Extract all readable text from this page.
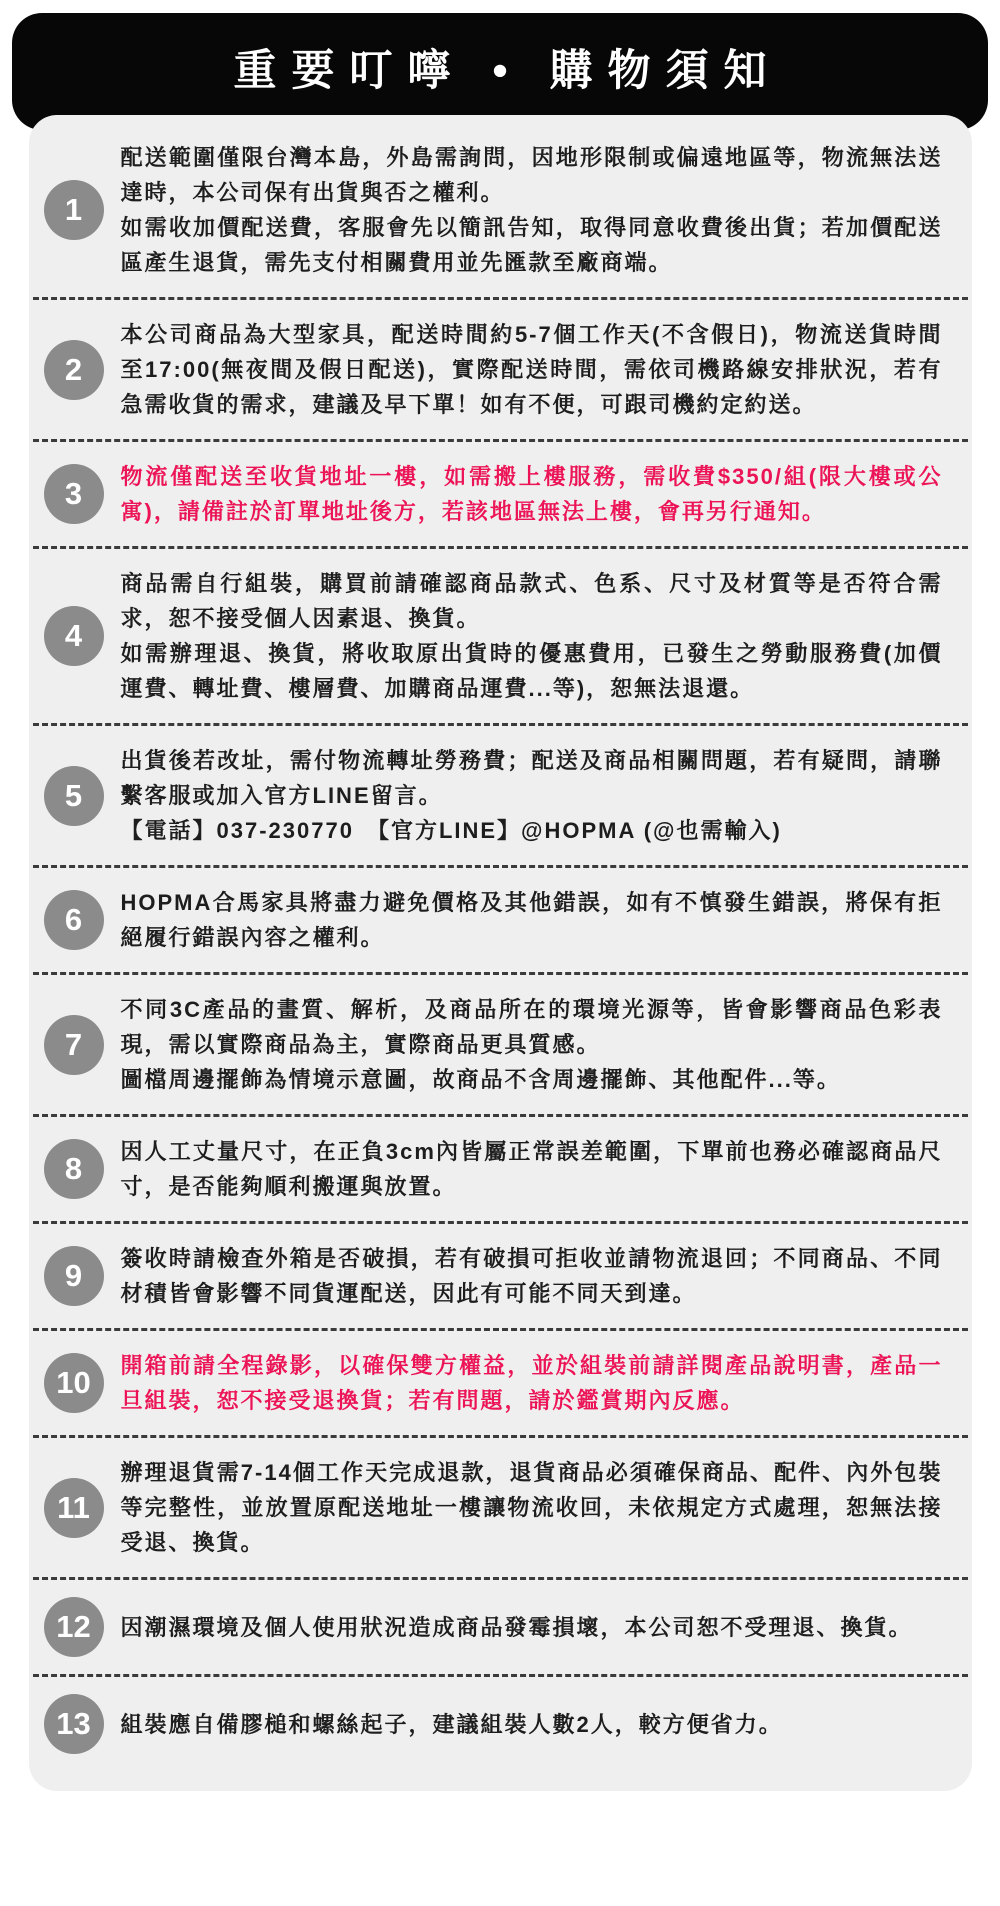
重要叮嚀 • 購物須知
1

配送範圍僅限台灣本島，外島需詢問，因地形限制或偏遠地區等，物流無法送達時，本公司保有出貨與否之權利。

如需收加價配送費，客服會先以簡訊告知，取得同意收費後出貨；若加價配送區產生退貨，需先支付相關費用並先匯款至廠商端。

2

本公司商品為大型家具，配送時間約5-7個工作天(不含假日)，物流送貨時間至17:00(無夜間及假日配送)，實際配送時間，需依司機路線安排狀況，若有急需收貨的需求，建議及早下單！如有不便，可跟司機約定約送。

3 物流僅配送至收貨地址一樓，如需搬上樓服務，需收費$350/組(限大樓或公寓)，請備註於訂單地址後方，若該地區無法上樓，會再另行通知。

4

商品需自行組裝，購買前請確認商品款式、色系、尺寸及材質等是否符合需求，恕不接受個人因素退、換貨。

如需辦理退、換貨，將收取原出貨時的優惠費用，已發生之勞動服務費(加價運費、轉址費、樓層費、加購商品運費...等)，恕無法退還。

5

出貨後若改址，需付物流轉址勞務費；配送及商品相關問題，若有疑問，請聯繫客服或加入官方LINE留言。

【電話】037-230770　【官方LINE】@HOPMA (@也需輸入)

6 HOPMA合馬家具將盡力避免價格及其他錯誤，如有不慎發生錯誤，將保有拒絕履行錯誤內容之權利。

7

不同3C產品的畫質、解析，及商品所在的環境光源等，皆會影響商品色彩表現，需以實際商品為主，實際商品更具質感。

圖檔周邊擺飾為情境示意圖，故商品不含周邊擺飾、其他配件...等。

8 因人工丈量尺寸，在正負3cm內皆屬正常誤差範圍，下單前也務必確認商品尺寸，是否能夠順利搬運與放置。

9 簽收時請檢查外箱是否破損，若有破損可拒收並請物流退回；不同商品、不同材積皆會影響不同貨運配送，因此有可能不同天到達。

10 開箱前請全程錄影，以確保雙方權益，並於組裝前請詳閱產品說明書，產品一旦組裝，恕不接受退換貨；若有問題，請於鑑賞期內反應。

11

辦理退貨需7-14個工作天完成退款，退貨商品必須確保商品、配件、內外包裝等完整性，並放置原配送地址一樓讓物流收回，未依規定方式處理，恕無法接受退、換貨。

12 因潮濕環境及個人使用狀況造成商品發霉損壞，本公司恕不受理退、換貨。

13 組裝應自備膠槌和螺絲起子，建議組裝人數2人，較方便省力。
